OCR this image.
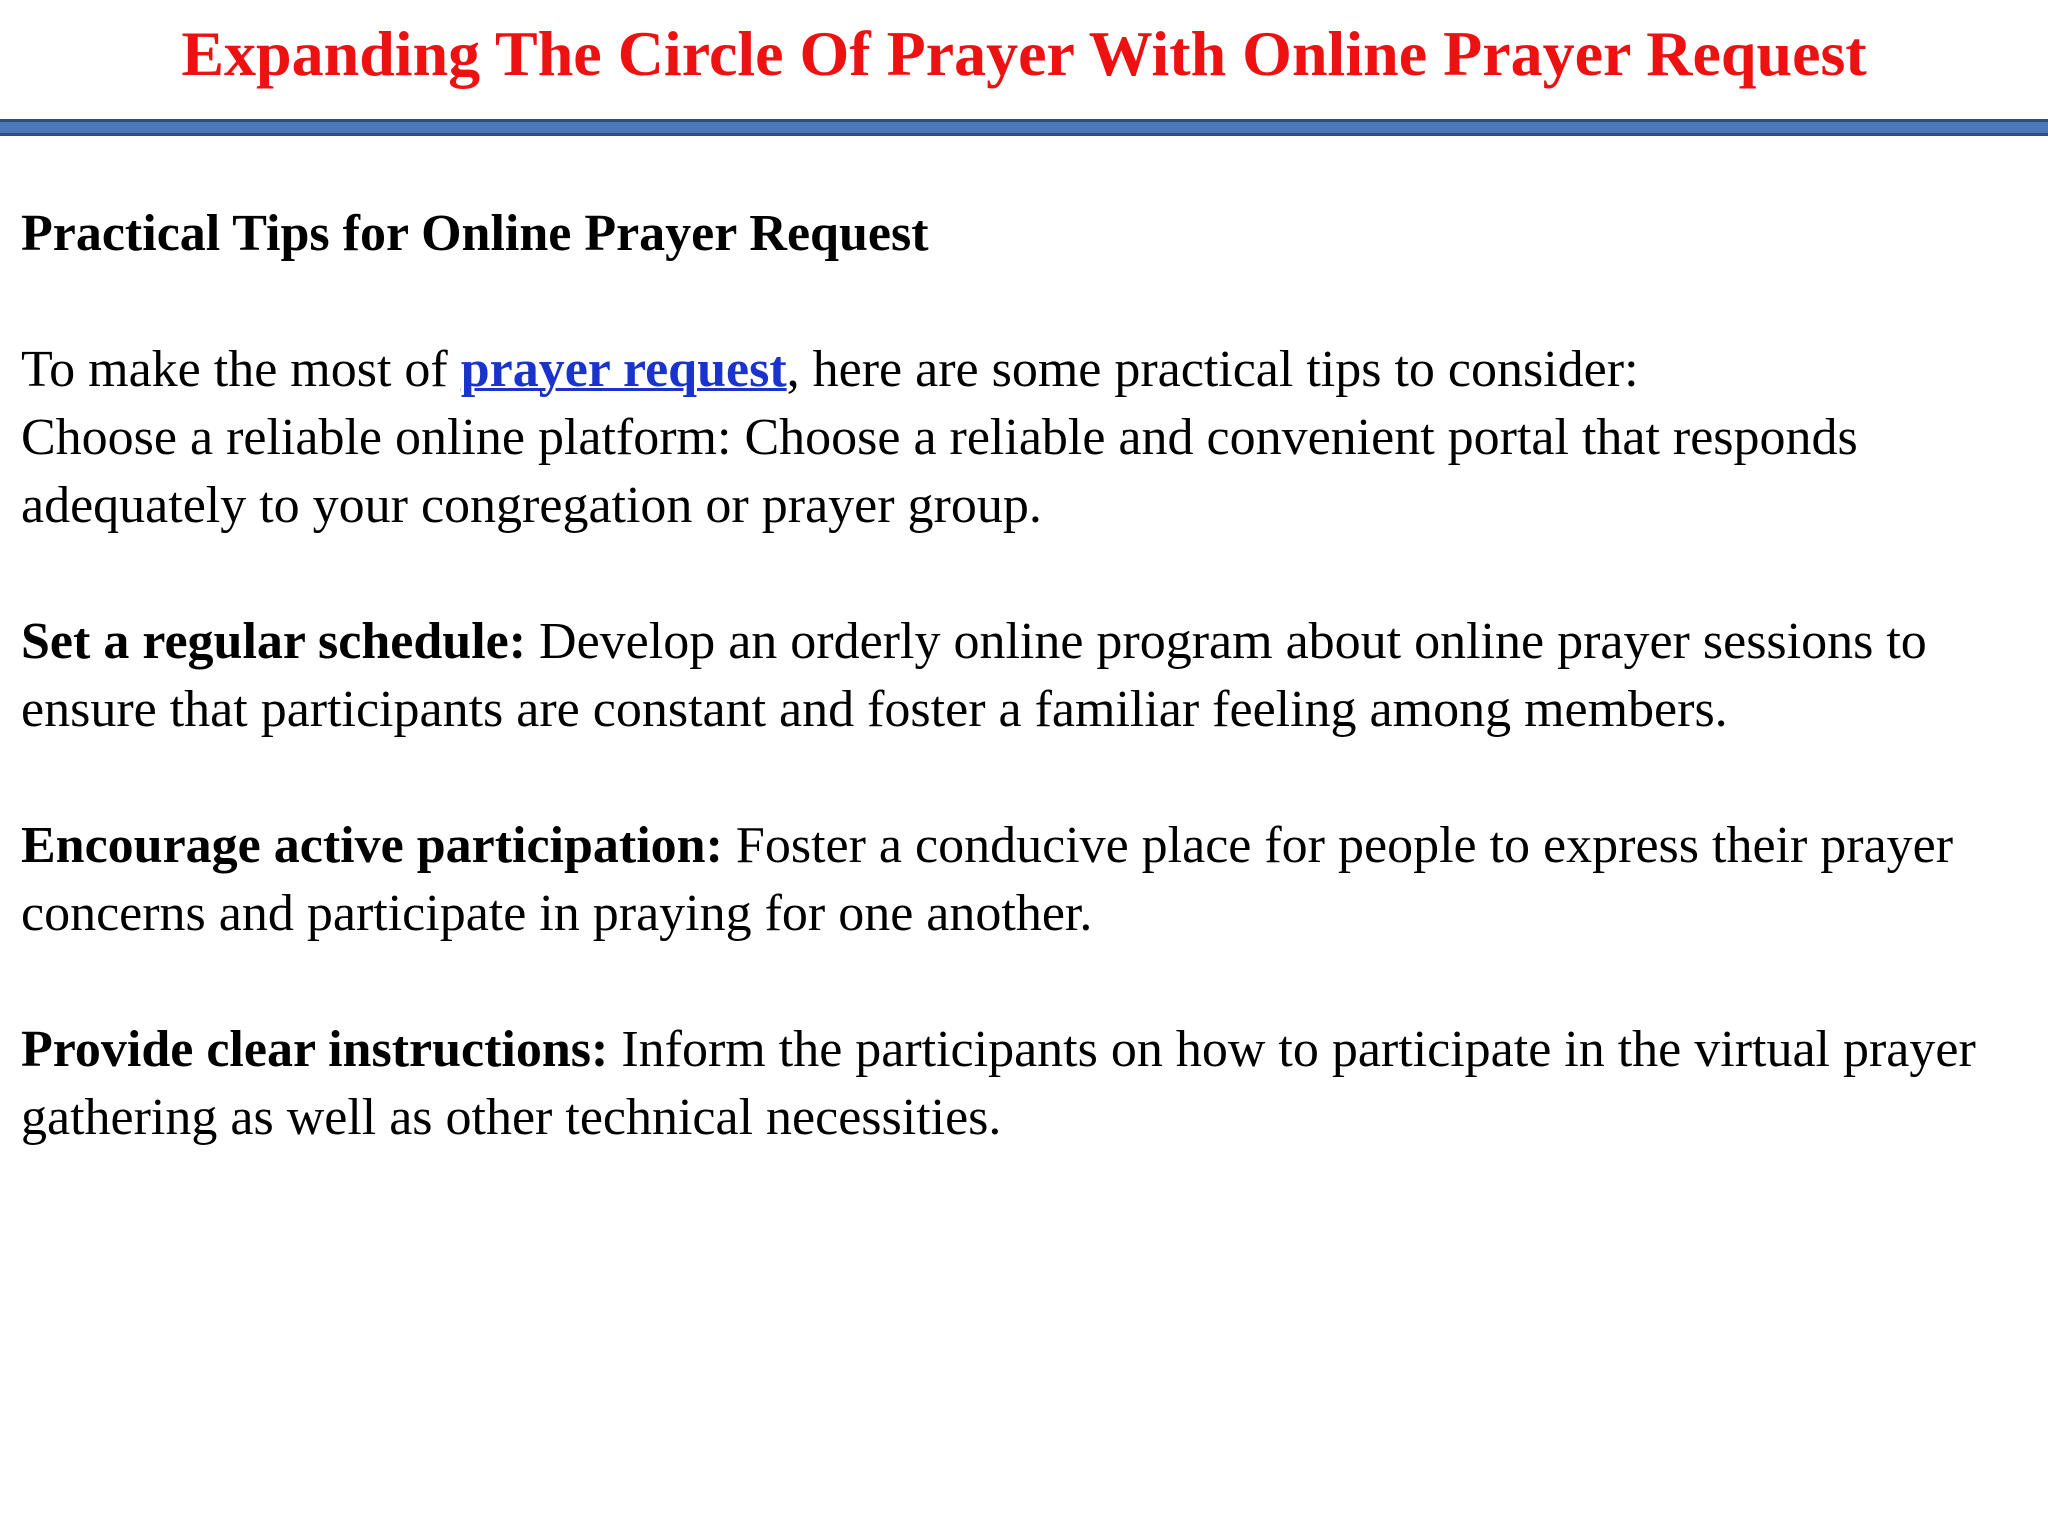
Expanding The Circle Of Prayer With Online Prayer Request

Practical Tips for Online Prayer Request

To make the most of prayer request, here are some practical tips to consider:
Choose a reliable online platform: Choose a reliable and convenient portal that responds adequately to your congregation or prayer group.

Set a regular schedule: Develop an orderly online program about online prayer sessions to ensure that participants are constant and foster a familiar feeling among members.

Encourage active participation: Foster a conducive place for people to express their prayer concerns and participate in praying for one another.

Provide clear instructions: Inform the participants on how to participate in the virtual prayer gathering as well as other technical necessities.
